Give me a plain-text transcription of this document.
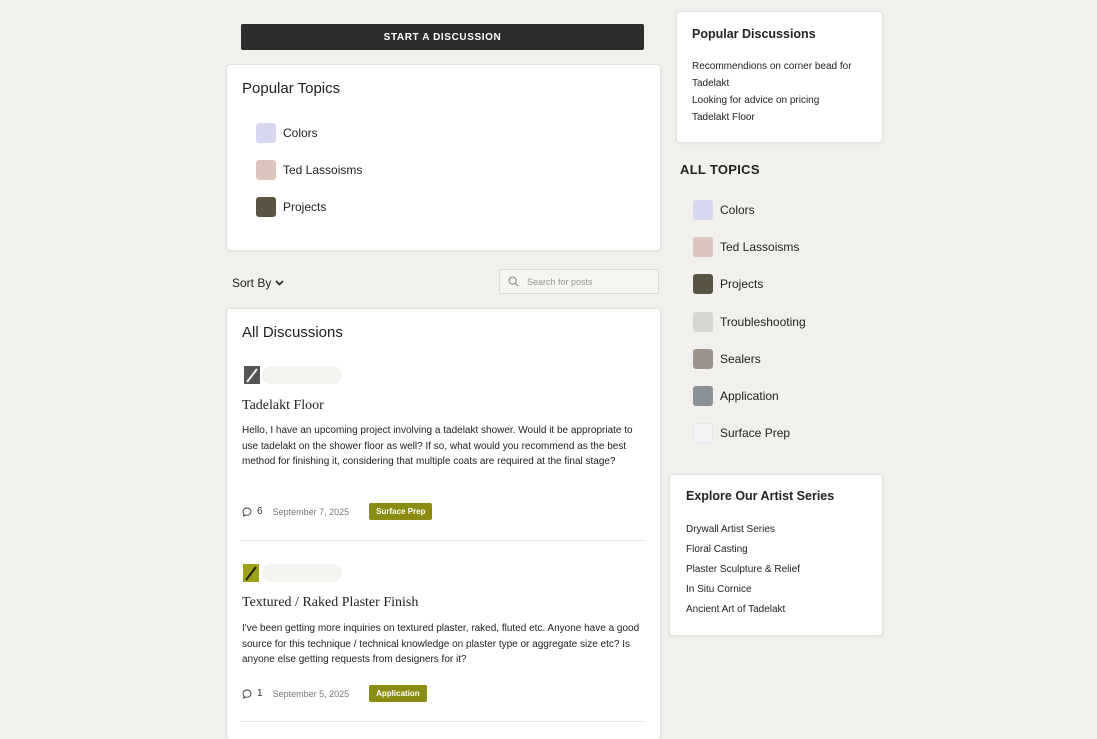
START A DISCUSSION
Popular Topics
Colors
Ted Lassoisms
Projects
Sort By
Search for posts
All Discussions
Tadelakt Floor
Hello, I have an upcoming project involving a tadelakt shower. Would it be appropriate to use tadelakt on the shower floor as well? If so, what would you recommend as the best method for finishing it, considering that multiple coats are required at the final stage?
6 September 7, 2025	Surface Prep
Textured / Raked Plaster Finish
I've been getting more inquiries on textured plaster, raked, fluted etc. Anyone have a good source for this technique / technical knowledge on plaster type or aggregate size etc? Is anyone else getting requests from designers for it?
1 September 5, 2025	Application
Popular Discussions
Recommendions on corner bead for Tadelakt
Looking for advice on pricing Tadelakt Floor
ALL TOPICS
Colors
Ted Lassoisms
Projects
Troubleshooting
Sealers
Application
Surface Prep
Explore Our Artist Series
Drywall Artist Series
Floral Casting
Plaster Sculpture & Relief
In Situ Cornice
Ancient Art of Tadelakt
